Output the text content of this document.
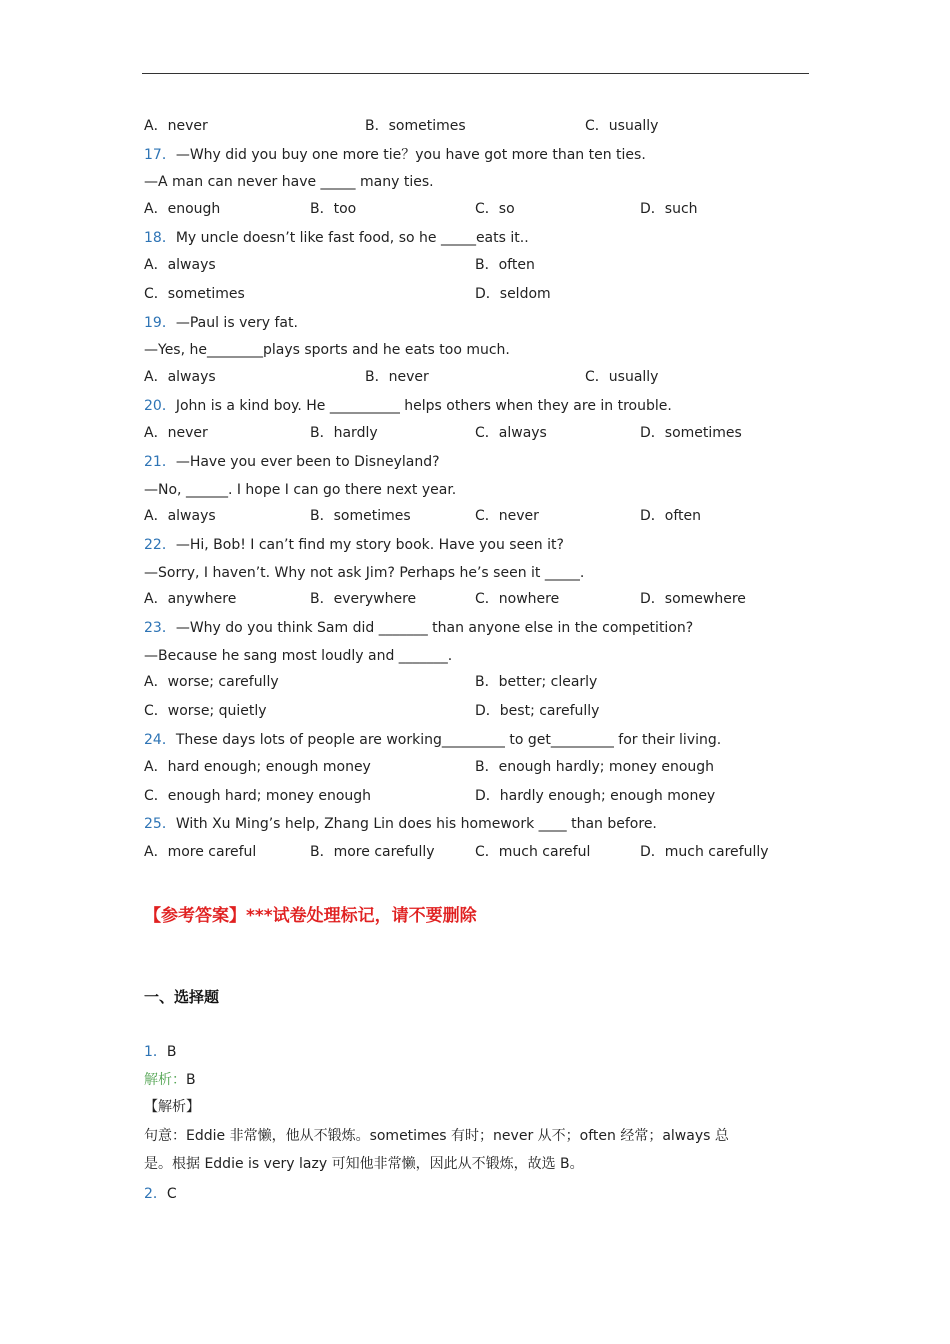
A．never	B．sometimes	C．usually
17．—Why did you buy one more tie？you have got more than ten ties.
—A man can never have _____ many ties.
A．enough	B．too	C．so	D．such
18．My uncle doesn’t like fast food, so he _____eats it..
A．always	B．often
C．sometimes	D．seldom
19．—Paul is very fat.
—Yes, he________plays sports and he eats too much.
A．always	B．never	C．usually
20．John is a kind boy. He __________ helps others when they are in trouble.
A．never	B．hardly	C．always	D．sometimes
21．—Have you ever been to Disneyland?
—No, ______. I hope I can go there next year.
A．always	B．sometimes	C．never	D．often
22．—Hi, Bob! I can’t find my story book. Have you seen it?
—Sorry, I haven’t. Why not ask Jim? Perhaps he’s seen it _____.
A．anywhere	B．everywhere	C．nowhere	D．somewhere
23．—Why do you think Sam did _______ than anyone else in the competition?
—Because he sang most loudly and _______.
A．worse; carefully	B．better; clearly
C．worse; quietly	D．best; carefully
24．These days lots of people are working_________ to get_________ for their living.
A．hard enough; enough money	B．enough hardly; money enough
C．enough hard; money enough	D．hardly enough; enough money
25．With Xu Ming’s help, Zhang Lin does his homework ____ than before.
A．more careful	B．more carefully	C．much careful	D．much carefully
【参考答案】***试卷处理标记，请不要删除
一、选择题
1．B
解析：B
【解析】
句意：Eddie 非常懒，他从不锻炼。sometimes 有时；never 从不；often 经常；always 总
是。根据 Eddie is very lazy 可知他非常懒，因此从不锻炼，故选 B。
2．C
